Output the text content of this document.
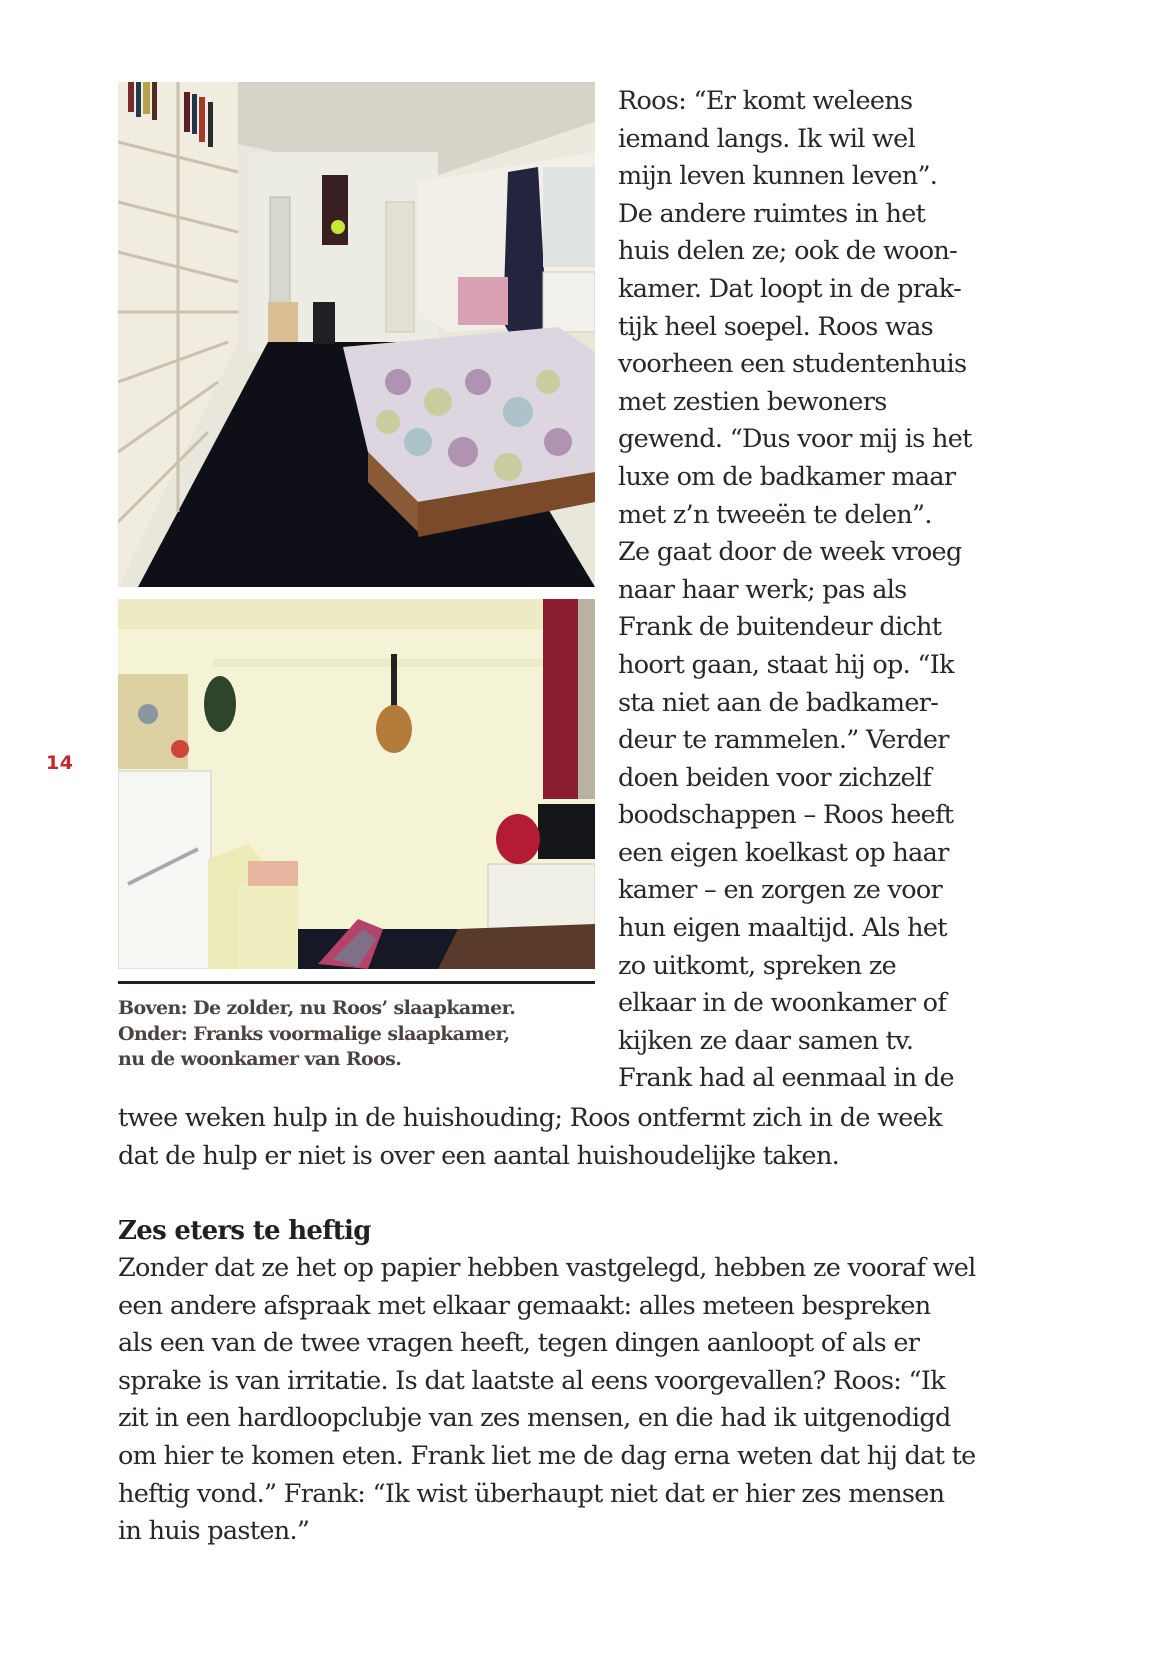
14
Boven: De zolder, nu Roos’ slaapkamer.
Onder: Franks voormalige slaapkamer,
nu de woonkamer van Roos.
Roos: “Er komt weleens
iemand langs. Ik wil wel
mijn leven kunnen leven”.
De andere ruimtes in het
huis delen ze; ook de woon-
kamer. Dat loopt in de prak-
tijk heel soepel. Roos was
voorheen een studentenhuis
met zestien bewoners
gewend. “Dus voor mij is het
luxe om de badkamer maar
met z’n tweeën te delen”.
Ze gaat door de week vroeg
naar haar werk; pas als
Frank de buitendeur dicht
hoort gaan, staat hij op. “Ik
sta niet aan de badkamer-
deur te rammelen.” Verder
doen beiden voor zichzelf
boodschappen – Roos heeft
een eigen koelkast op haar
kamer – en zorgen ze voor
hun eigen maaltijd. Als het
zo uitkomt, spreken ze
elkaar in de woonkamer of
kijken ze daar samen tv.
Frank had al eenmaal in de
twee weken hulp in de huishouding; Roos ontfermt zich in de week
dat de hulp er niet is over een aantal huishoudelijke taken.
Zes eters te heftig
Zonder dat ze het op papier hebben vastgelegd, hebben ze vooraf wel
een andere afspraak met elkaar gemaakt: alles meteen bespreken
als een van de twee vragen heeft, tegen dingen aanloopt of als er
sprake is van irritatie. Is dat laatste al eens voorgevallen? Roos: “Ik
zit in een hardloopclubje van zes mensen, en die had ik uitgenodigd
om hier te komen eten. Frank liet me de dag erna weten dat hij dat te
heftig vond.” Frank: “Ik wist überhaupt niet dat er hier zes mensen
in huis pasten.”
